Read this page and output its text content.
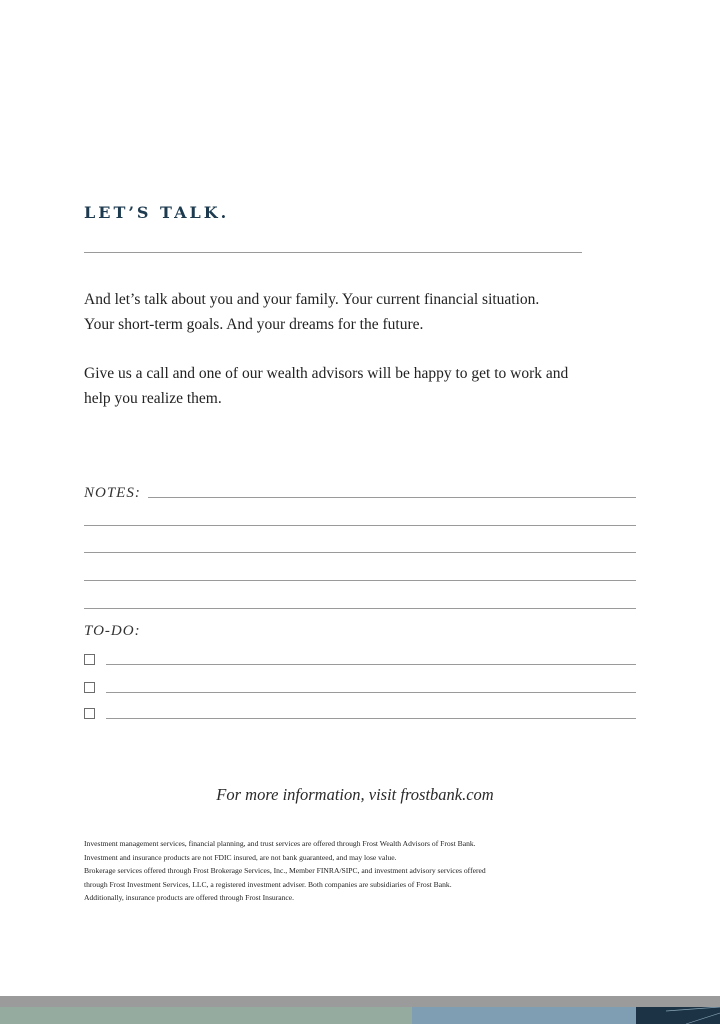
LET’S TALK.

And let’s talk about you and your family. Your current financial situation.
Your short-term goals. And your dreams for the future.

Give us a call and one of our wealth advisors will be happy to get to work and
help you realize them.

NOTES:
TO-DO:
For more information, visit frostbank.com
Investment management services, financial planning, and trust services are offered through Frost Wealth Advisors of Frost Bank.
Investment and insurance products are not FDIC insured, are not bank guaranteed, and may lose value.
Brokerage services offered through Frost Brokerage Services, Inc., Member FINRA/SIPC, and investment advisory services offered
through Frost Investment Services, LLC, a registered investment adviser. Both companies are subsidiaries of Frost Bank.
Additionally, insurance products are offered through Frost Insurance.
